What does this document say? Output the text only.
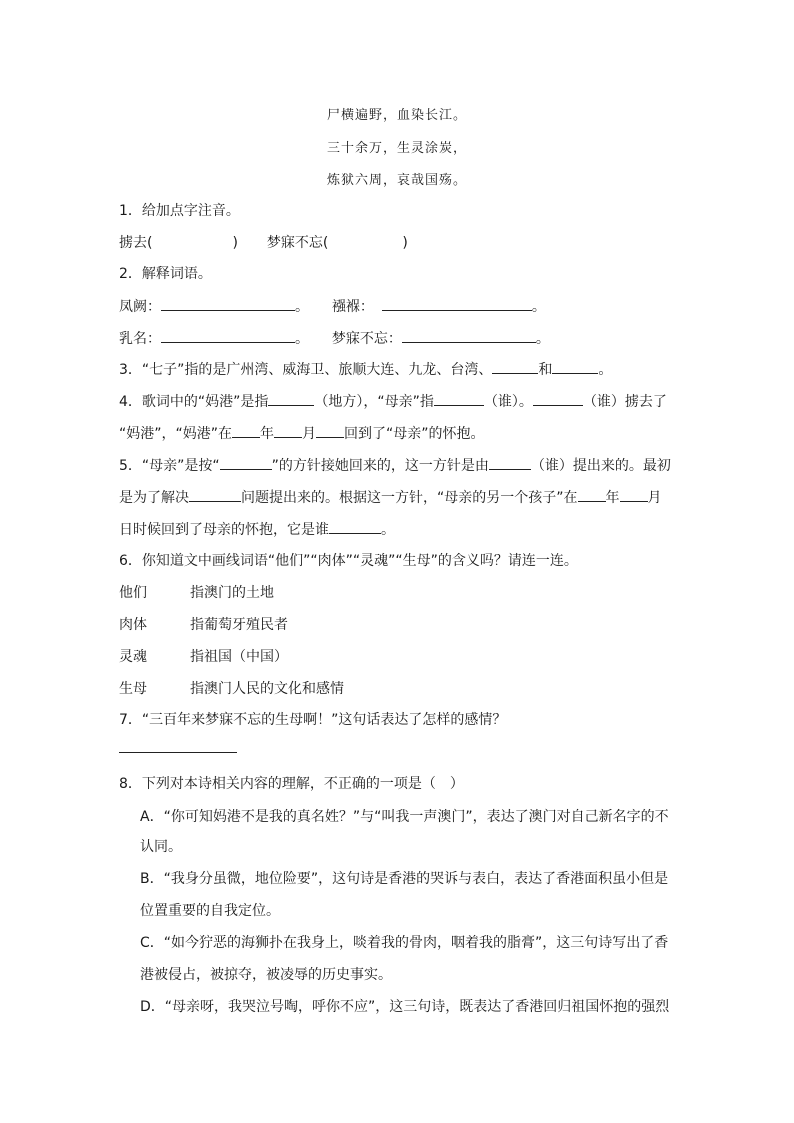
尸横遍野，血染长江。
三十余万，生灵涂炭，
炼狱六周，哀哉国殇。
1．给加点字注音。
掳去(	) 梦寐不忘(	)
2．解释词语。
凤阙：	。 襁褓：	。
乳名：	。 梦寐不忘：	。
3．“七子”指的是广州湾、威海卫、旅顺大连、九龙、台湾、	和	。
4．歌词中的“妈港”是指	（地方），“母亲”指	（谁）。	（谁）掳去了
“妈港”，“妈港”在 年 月 回到了“母亲”的怀抱。
5．“母亲”是按“	”的方针接她回来的，这一方针是由	（谁）提出来的。最初
是为了解决	问题提出来的。根据这一方针，“母亲的另一个孩子”在 年 月
日时候回到了母亲的怀抱，它是谁	。
6．你知道文中画线词语“他们”“肉体”“灵魂”“生母”的含义吗？请连一连。
他们	指澳门的土地
肉体	指葡萄牙殖民者
灵魂	指祖国（中国）
生母	指澳门人民的文化和感情
7．“三百年来梦寐不忘的生母啊！”这句话表达了怎样的感情？
8．下列对本诗相关内容的理解，不正确的一项是（　）
A．“你可知妈港不是我的真名姓？”与“叫我一声澳门”，表达了澳门对自己新名字的不
认同。
B．“我身分虽微，地位险要”，这句诗是香港的哭诉与表白，表达了香港面积虽小但是
位置重要的自我定位。
C．“如今狞恶的海狮扑在我身上，啖着我的骨肉，咽着我的脂膏”，这三句诗写出了香
港被侵占，被掠夺，被凌辱的历史事实。
D．“母亲呀，我哭泣号啕，呼你不应”，这三句诗，既表达了香港回归祖国怀抱的强烈
